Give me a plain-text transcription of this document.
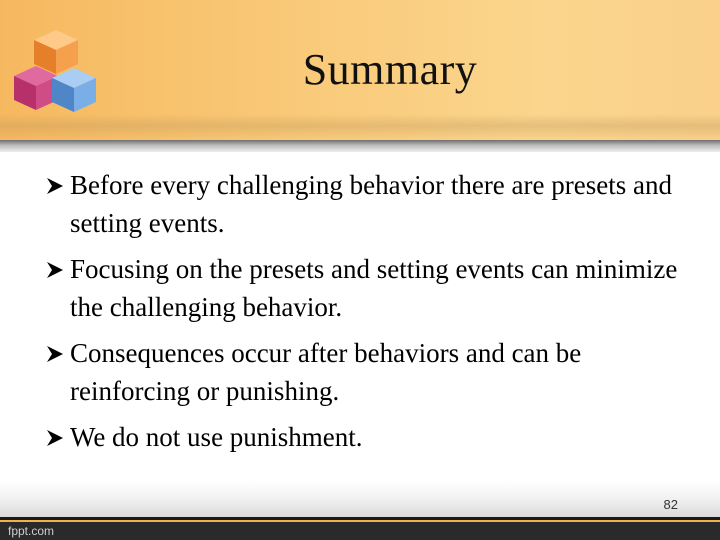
Summary
Before every challenging behavior there are presets and setting events.
Focusing on the presets and setting events can minimize the challenging behavior.
Consequences occur after behaviors and can be reinforcing or punishing.
We do not use punishment.
82
fppt.com
